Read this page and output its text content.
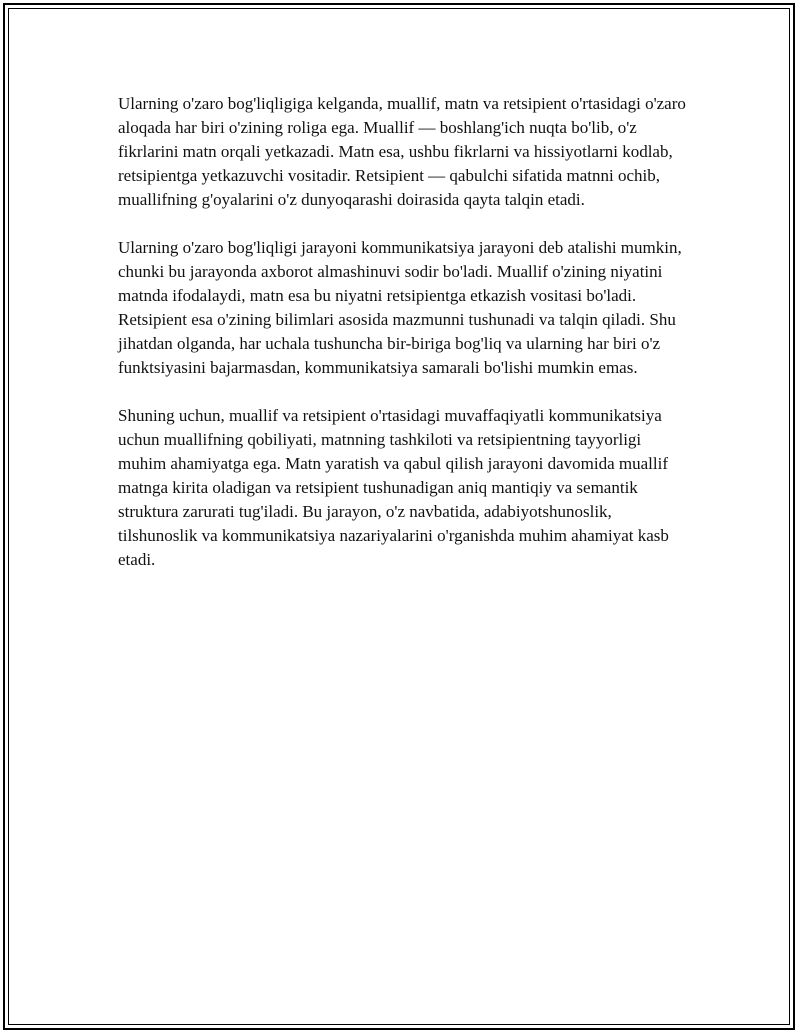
Ularning o'zaro bog'liqligiga kelganda, muallif, matn va retsipient o'rtasidagi o'zaro aloqada har biri o'zining roliga ega. Muallif — boshlang'ich nuqta bo'lib, o'z fikrlarini matn orqali yetkazadi. Matn esa, ushbu fikrlarni va hissiyotlarni kodlab, retsipientga yetkazuvchi vositadir. Retsipient — qabulchi sifatida matnni ochib, muallifning g'oyalarini o'z dunyoqarashi doirasida qayta talqin etadi.

Ularning o'zaro bog'liqligi jarayoni kommunikatsiya jarayoni deb atalishi mumkin, chunki bu jarayonda axborot almashinuvi sodir bo'ladi. Muallif o'zining niyatini matnda ifodalaydi, matn esa bu niyatni retsipientga etkazish vositasi bo'ladi. Retsipient esa o'zining bilimlari asosida mazmunni tushunadi va talqin qiladi. Shu jihatdan olganda, har uchala tushuncha bir-biriga bog'liq va ularning har biri o'z funktsiyasini bajarmasdan, kommunikatsiya samarali bo'lishi mumkin emas.

Shuning uchun, muallif va retsipient o'rtasidagi muvaffaqiyatli kommunikatsiya uchun muallifning qobiliyati, matnning tashkiloti va retsipientning tayyorligi muhim ahamiyatga ega. Matn yaratish va qabul qilish jarayoni davomida muallif matnga kirita oladigan va retsipient tushunadigan aniq mantiqiy va semantik struktura zarurati tug'iladi. Bu jarayon, o'z navbatida, adabiyotshunoslik, tilshunoslik va kommunikatsiya nazariyalarini o'rganishda muhim ahamiyat kasb etadi.
